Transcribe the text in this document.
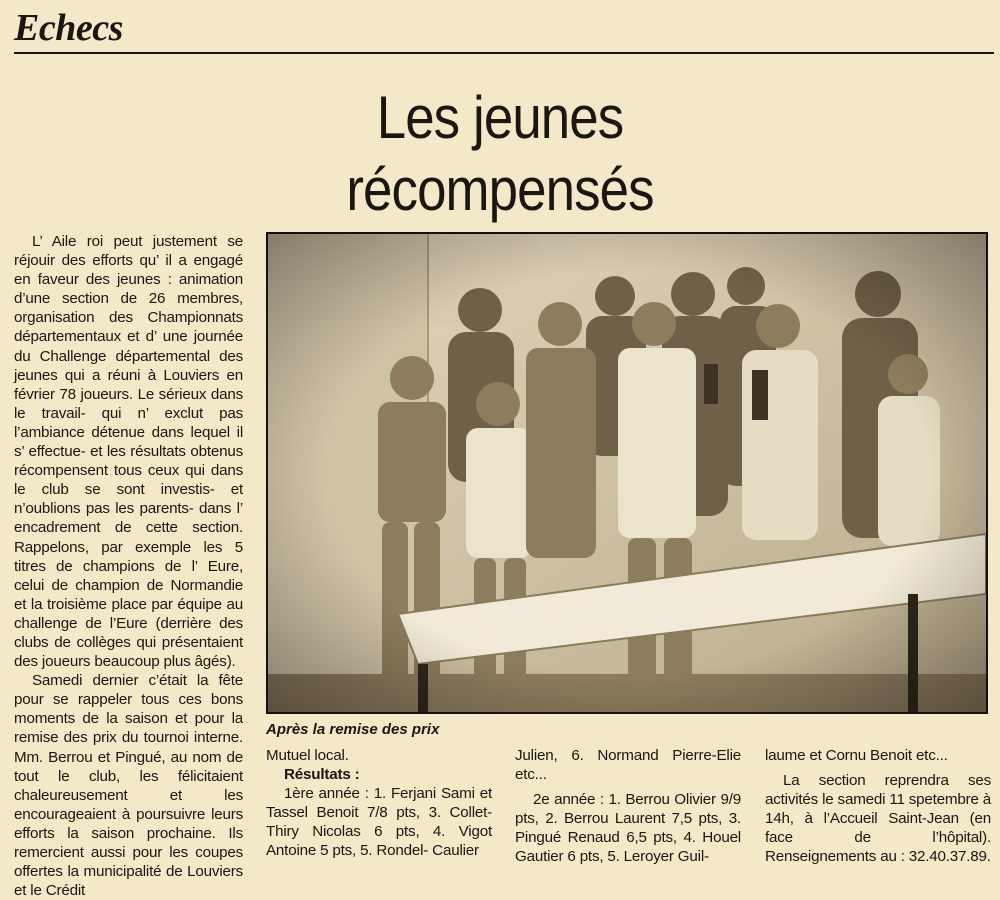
Echecs
Les jeunes
récompensés

L’ Aile roi peut justement se réjouir des efforts qu’ il a engagé en faveur des jeunes : animation d’une section de 26 membres, organisation des Championnats départementaux et d’ une journée du Challenge départemental des jeunes qui a réuni à Louviers en février 78 joueurs. Le sérieux dans le travail- qui n’ exclut pas l’ambiance détenue dans lequel il s’ effectue- et les résultats obtenus récompensent tous ceux qui dans le club se sont investis- et n’oublions pas les parents- dans l’ encadrement de cette section. Rappelons, par exemple les 5 titres de champions de l’ Eure, celui de champion de Normandie et la troisième place par équipe au challenge de l’Eure (derrière des clubs de collèges qui présentaient des joueurs beaucoup plus âgés).

Samedi dernier c’était la fête pour se rappeler tous ces bons moments de la saison et pour la remise des prix du tournoi interne. Mm. Berrou et Pingué, au nom de tout le club, les félicitaient chaleureusement et les encourageaient à poursuivre leurs efforts la saison prochaine. Ils remercient aussi pour les coupes offertes la municipalité de Louviers et le Crédit

Après la remise des prix

Mutuel local.

Résultats :

1ère année : 1. Ferjani Sami et Tassel Benoit 7/8 pts, 3. Collet-Thiry Nicolas 6 pts, 4. Vigot Antoine 5 pts, 5. Rondel- Caulier

Julien, 6. Normand Pierre-Elie etc...

2e année : 1. Berrou Olivier 9/9 pts, 2. Berrou Laurent 7,5 pts, 3. Pingué Renaud 6,5 pts, 4. Houel Gautier 6 pts, 5. Leroyer Guil-

laume et Cornu Benoit etc...

La section reprendra ses activités le samedi 11 spetembre à 14h, à l’Accueil Saint-Jean (en face de l’hôpital). Renseignements au : 32.40.37.89.
